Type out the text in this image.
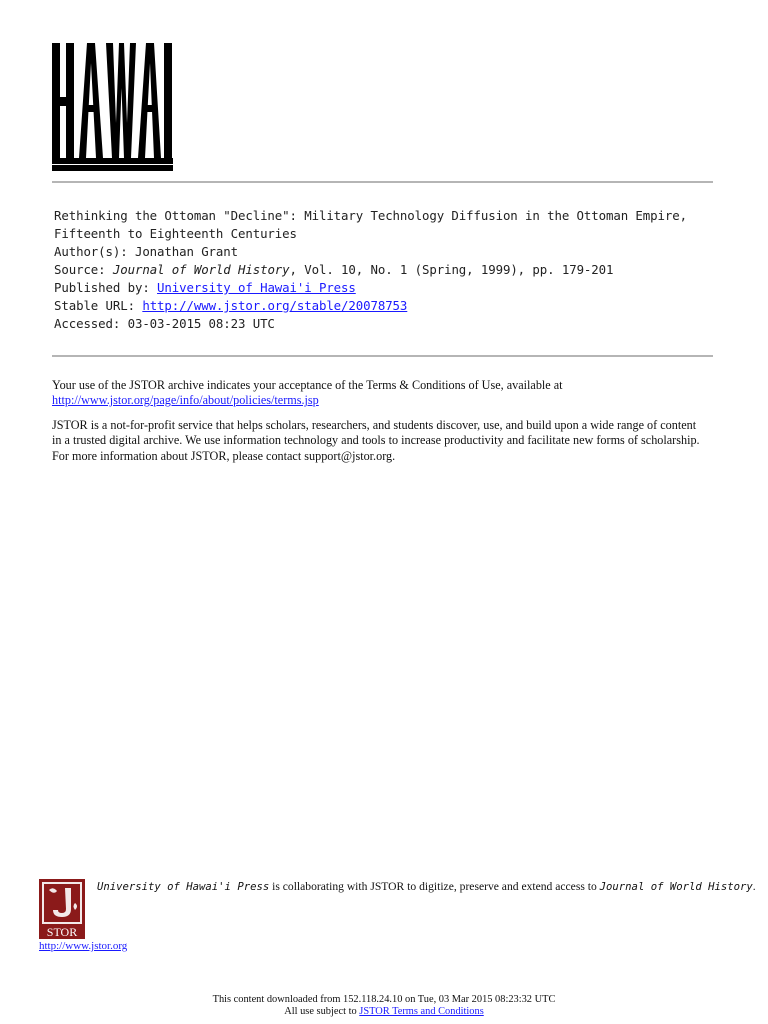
Rethinking the Ottoman "Decline": Military Technology Diffusion in the Ottoman Empire,
Fifteenth to Eighteenth Centuries
Author(s): Jonathan Grant
Source: Journal of World History, Vol. 10, No. 1 (Spring, 1999), pp. 179-201
Published by: University of Hawai'i Press
Stable URL: http://www.jstor.org/stable/20078753
Accessed: 03-03-2015 08:23 UTC

Your use of the JSTOR archive indicates your acceptance of the Terms & Conditions of Use, available at
http://www.jstor.org/page/info/about/policies/terms.jsp

JSTOR is a not-for-profit service that helps scholars, researchers, and students discover, use, and build upon a wide range of content
in a trusted digital archive. We use information technology and tools to increase productivity and facilitate new forms of scholarship.
For more information about JSTOR, please contact support@jstor.org.

STOR
University of Hawai'i Press is collaborating with JSTOR to digitize, preserve and extend access to Journal of World History.
http://www.jstor.org
This content downloaded from 152.118.24.10 on Tue, 03 Mar 2015 08:23:32 UTC
All use subject to JSTOR Terms and Conditions
